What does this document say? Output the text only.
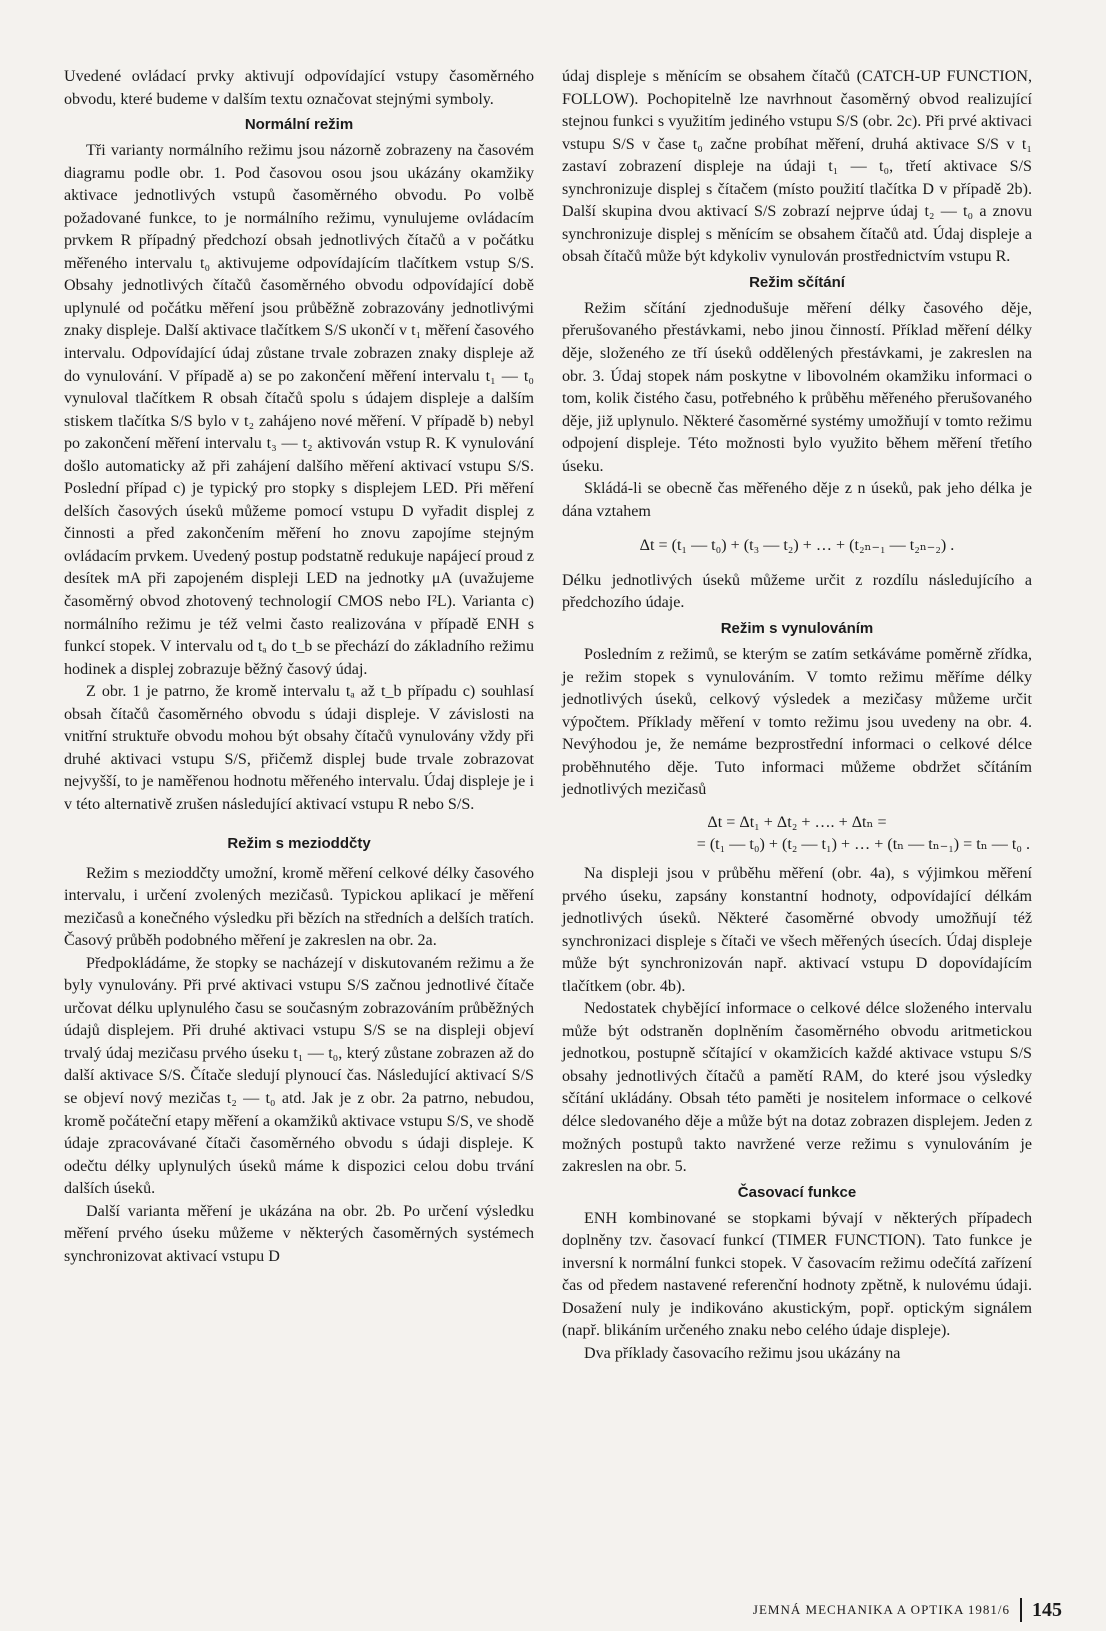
Uvedené ovládací prvky aktivují odpovídající vstupy časoměrného obvodu, které budeme v dalším textu označovat stejnými symboly.

Normální režim

Tři varianty normálního režimu jsou názorně zobrazeny na časovém diagramu podle obr. 1. Pod časovou osou jsou ukázány okamžiky aktivace jednotlivých vstupů časoměrného obvodu. Po volbě požadované funkce, to je normálního režimu, vynulujeme ovládacím prvkem R případný předchozí obsah jednotlivých čítačů a v počátku měřeného intervalu t₀ aktivujeme odpovídajícím tlačítkem vstup S/S. Obsahy jednotlivých čítačů časoměrného obvodu odpovídající době uplynulé od počátku měření jsou průběžně zobrazovány jednotlivými znaky displeje. Další aktivace tlačítkem S/S ukončí v t₁ měření časového intervalu. Odpovídající údaj zůstane trvale zobrazen znaky displeje až do vynulování. V případě a) se po zakončení měření intervalu t₁ — t₀ vynuloval tlačítkem R obsah čítačů spolu s údajem displeje a dalším stiskem tlačítka S/S bylo v t₂ zahájeno nové měření. V případě b) nebyl po zakončení měření intervalu t₃ — t₂ aktivován vstup R. K vynulování došlo automaticky až při zahájení dalšího měření aktivací vstupu S/S. Poslední případ c) je typický pro stopky s displejem LED. Při měření delších časových úseků můžeme pomocí vstupu D vyřadit displej z činnosti a před zakončením měření ho znovu zapojíme stejným ovládacím prvkem. Uvedený postup podstatně redukuje napájecí proud z desítek mA při zapojeném displeji LED na jednotky μA (uvažujeme časoměrný obvod zhotovený technologií CMOS nebo I²L). Varianta c) normálního režimu je též velmi často realizována v případě ENH s funkcí stopek. V intervalu od tₐ do t_b se přechází do základního režimu hodinek a displej zobrazuje běžný časový údaj.

Z obr. 1 je patrno, že kromě intervalu tₐ až t_b případu c) souhlasí obsah čítačů časoměrného obvodu s údaji displeje. V závislosti na vnitřní struktuře obvodu mohou být obsahy čítačů vynulovány vždy při druhé aktivaci vstupu S/S, přičemž displej bude trvale zobrazovat nejvyšší, to je naměřenou hodnotu měřeného intervalu. Údaj displeje je i v této alternativě zrušen následující aktivací vstupu R nebo S/S.

Režim s mezioddčty

Režim s mezioddčty umožní, kromě měření celkové délky časového intervalu, i určení zvolených mezičasů. Typickou aplikací je měření mezičasů a konečného výsledku při bězích na středních a delších tratích. Časový průběh podobného měření je zakreslen na obr. 2a.

Předpokládáme, že stopky se nacházejí v diskutovaném režimu a že byly vynulovány. Při prvé aktivaci vstupu S/S začnou jednotlivé čítače určovat délku uplynulého času se současným zobrazováním průběžných údajů displejem. Při druhé aktivaci vstupu S/S se na displeji objeví trvalý údaj mezičasu prvého úseku t₁ — t₀, který zůstane zobrazen až do další aktivace S/S. Čítače sledují plynoucí čas. Následující aktivací S/S se objeví nový mezičas t₂ — t₀ atd. Jak je z obr. 2a patrno, nebudou, kromě počáteční etapy měření a okamžiků aktivace vstupu S/S, ve shodě údaje zpracovávané čítači časoměrného obvodu s údaji displeje. K odečtu délky uplynulých úseků máme k dispozici celou dobu trvání dalších úseků.

Další varianta měření je ukázána na obr. 2b. Po určení výsledku měření prvého úseku můžeme v některých časoměrných systémech synchronizovat aktivací vstupu D

údaj displeje s měnícím se obsahem čítačů (CATCH-UP FUNCTION, FOLLOW). Pochopitelně lze navrhnout časoměrný obvod realizující stejnou funkci s využitím jediného vstupu S/S (obr. 2c). Při prvé aktivaci vstupu S/S v čase t₀ začne probíhat měření, druhá aktivace S/S v t₁ zastaví zobrazení displeje na údaji t₁ — t₀, třetí aktivace S/S synchronizuje displej s čítačem (místo použití tlačítka D v případě 2b). Další skupina dvou aktivací S/S zobrazí nejprve údaj t₂ — t₀ a znovu synchronizuje displej s měnícím se obsahem čítačů atd. Údaj displeje a obsah čítačů může být kdykoliv vynulován prostřednictvím vstupu R.

Režim sčítání

Režim sčítání zjednodušuje měření délky časového děje, přerušovaného přestávkami, nebo jinou činností. Příklad měření délky děje, složeného ze tří úseků oddělených přestávkami, je zakreslen na obr. 3. Údaj stopek nám poskytne v libovolném okamžiku informaci o tom, kolik čistého času, potřebného k průběhu měřeného přerušovaného děje, již uplynulo. Některé časoměrné systémy umožňují v tomto režimu odpojení displeje. Této možnosti bylo využito během měření třetího úseku.

Skládá-li se obecně čas měřeného děje z n úseků, pak jeho délka je dána vztahem

Δt = (t₁ — t₀) + (t₃ — t₂) + … + (t₂ₙ₋₁ — t₂ₙ₋₂) .

Délku jednotlivých úseků můžeme určit z rozdílu následujícího a předchozího údaje.

Režim s vynulováním

Posledním z režimů, se kterým se zatím setkáváme poměrně zřídka, je režim stopek s vynulováním. V tomto režimu měříme délky jednotlivých úseků, celkový výsledek a mezičasy můžeme určit výpočtem. Příklady měření v tomto režimu jsou uvedeny na obr. 4. Nevýhodou je, že nemáme bezprostřední informaci o celkové délce proběhnutého děje. Tuto informaci můžeme obdržet sčítáním jednotlivých mezičasů

Δt = Δt₁ + Δt₂ + …. + Δtₙ =
= (t₁ — t₀) + (t₂ — t₁) + … + (tₙ — tₙ₋₁) = tₙ — t₀ .

Na displeji jsou v průběhu měření (obr. 4a), s výjimkou měření prvého úseku, zapsány konstantní hodnoty, odpovídající délkám jednotlivých úseků. Některé časoměrné obvody umožňují též synchronizaci displeje s čítači ve všech měřených úsecích. Údaj displeje může být synchronizován např. aktivací vstupu D dopovídajícím tlačítkem (obr. 4b).

Nedostatek chybějící informace o celkové délce složeného intervalu může být odstraněn doplněním časoměrného obvodu aritmetickou jednotkou, postupně sčítající v okamžicích každé aktivace vstupu S/S obsahy jednotlivých čítačů a pamětí RAM, do které jsou výsledky sčítání ukládány. Obsah této paměti je nositelem informace o celkové délce sledovaného děje a může být na dotaz zobrazen displejem. Jeden z možných postupů takto navržené verze režimu s vynulováním je zakreslen na obr. 5.

Časovací funkce

ENH kombinované se stopkami bývají v některých případech doplněny tzv. časovací funkcí (TIMER FUNCTION). Tato funkce je inversní k normální funkci stopek. V časovacím režimu odečítá zařízení čas od předem nastavené referenční hodnoty zpětně, k nulovému údaji. Dosažení nuly je indikováno akustickým, popř. optickým signálem (např. blikáním určeného znaku nebo celého údaje displeje).

Dva příklady časovacího režimu jsou ukázány na

JEMNÁ MECHANIKA A OPTIKA 1981/6 145
